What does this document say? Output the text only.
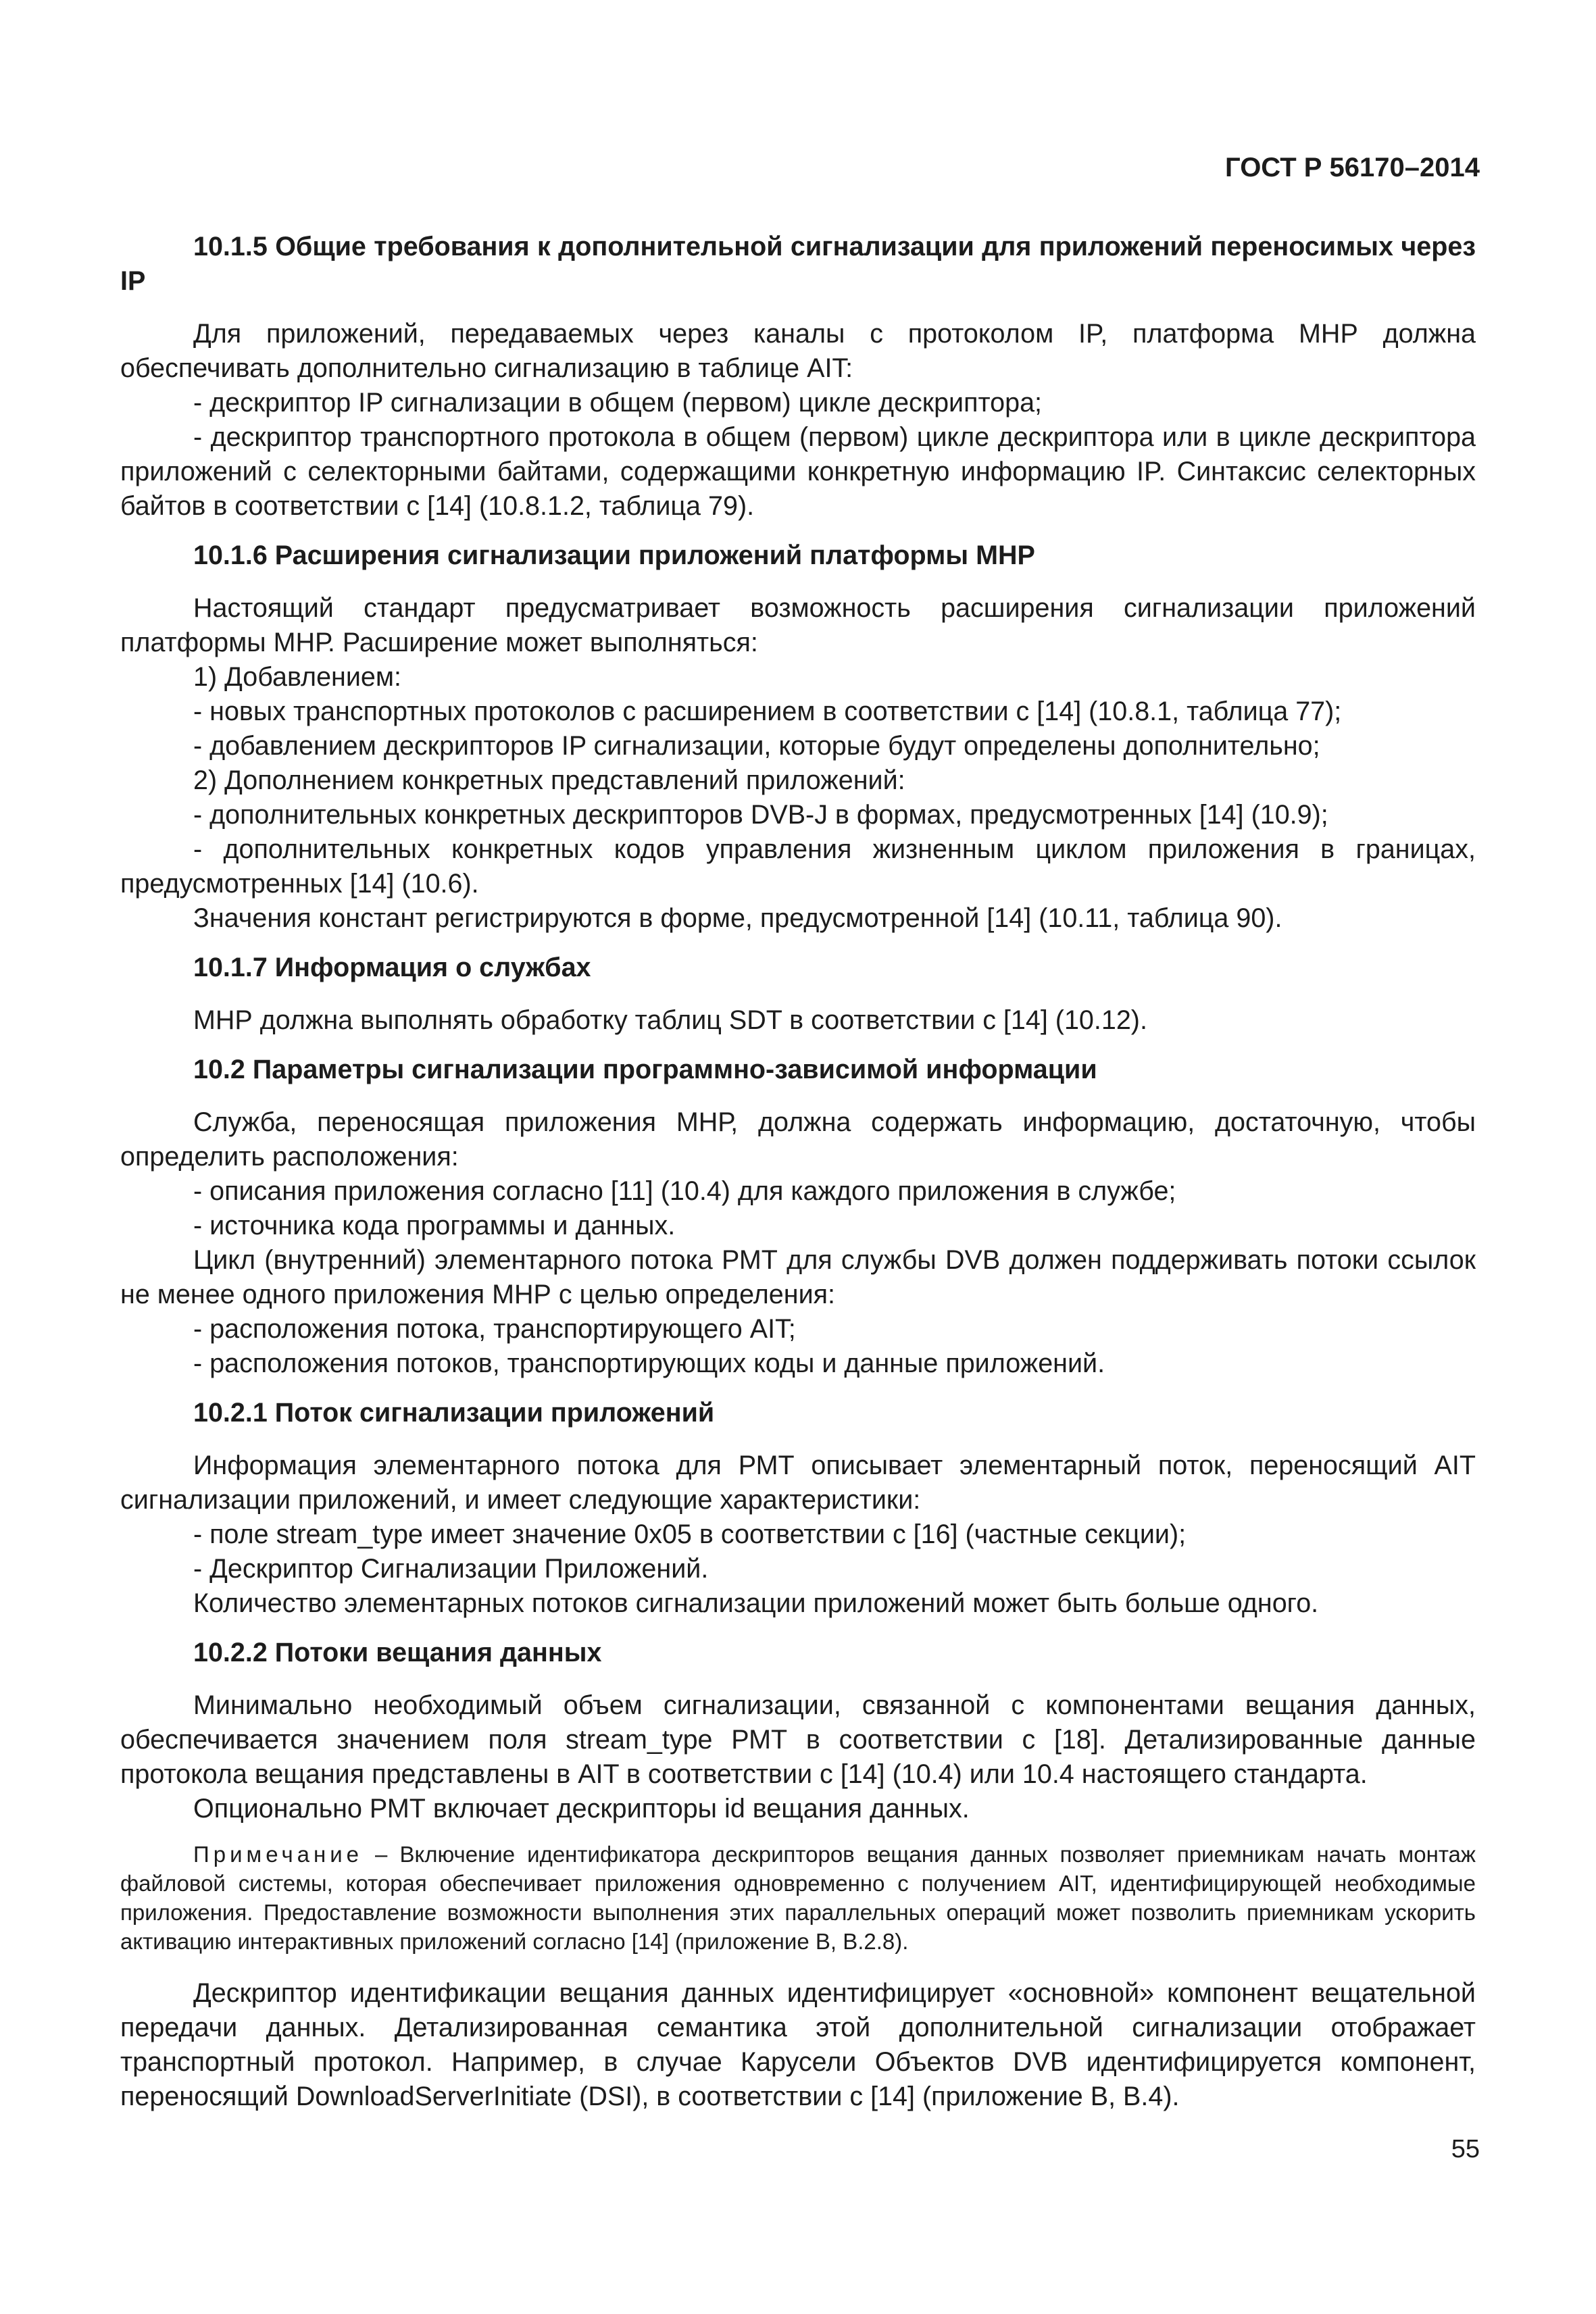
ГОСТ Р 56170–2014
10.1.5 Общие требования к дополнительной сигнализации для приложений переносимых через IP
Для приложений, передаваемых через каналы с протоколом IP, платформа МНР должна обеспечивать дополнительно сигнализацию в таблице AIT:
- дескриптор IP сигнализации в общем (первом) цикле дескриптора;
- дескриптор транспортного протокола в общем (первом) цикле дескриптора или в цикле дескриптора приложений с селекторными байтами, содержащими конкретную информацию IP. Синтаксис селекторных байтов в соответствии с [14] (10.8.1.2, таблица 79).
10.1.6 Расширения сигнализации приложений платформы МНР
Настоящий стандарт предусматривает возможность расширения сигнализации приложений платформы МНР. Расширение может выполняться:
1) Добавлением:
- новых транспортных протоколов с расширением в соответствии с [14] (10.8.1, таблица 77);
- добавлением дескрипторов IP сигнализации, которые будут определены дополнительно;
2) Дополнением конкретных представлений приложений:
- дополнительных конкретных дескрипторов DVB-J в формах, предусмотренных [14] (10.9);
- дополнительных конкретных кодов управления жизненным циклом приложения в границах, предусмотренных [14] (10.6).
Значения констант регистрируются в форме, предусмотренной [14] (10.11, таблица 90).
10.1.7 Информация о службах
МНР должна выполнять обработку таблиц SDT в соответствии с [14] (10.12).
10.2 Параметры сигнализации программно-зависимой информации
Служба, переносящая приложения МНР, должна содержать информацию, достаточную, чтобы определить расположения:
- описания приложения согласно [11] (10.4) для каждого приложения в службе;
- источника кода программы и данных.
Цикл (внутренний) элементарного потока РМТ для службы DVB должен поддерживать потоки ссылок не менее одного приложения МНР с целью определения:
- расположения потока, транспортирующего AIT;
- расположения потоков, транспортирующих коды и данные приложений.
10.2.1 Поток сигнализации приложений
Информация элементарного потока для РМТ описывает элементарный поток, переносящий AIT сигнализации приложений, и имеет следующие характеристики:
- поле stream_type имеет значение 0x05 в соответствии с [16] (частные секции);
- Дескриптор Сигнализации Приложений.
Количество элементарных потоков сигнализации приложений может быть больше одного.
10.2.2 Потоки вещания данных
Минимально необходимый объем сигнализации, связанной с компонентами вещания данных, обеспечивается значением поля stream_type РМТ в соответствии с [18]. Детализированные данные протокола вещания представлены в AIT в соответствии с [14] (10.4) или 10.4 настоящего стандарта.
Опционально РМТ включает дескрипторы id вещания данных.
Примечание – Включение идентификатора дескрипторов вещания данных позволяет приемникам начать монтаж файловой системы, которая обеспечивает приложения одновременно с получением AIT, идентифицирующей необходимые приложения. Предоставление возможности выполнения этих параллельных операций может позволить приемникам ускорить активацию интерактивных приложений согласно [14] (приложение В, В.2.8).
Дескриптор идентификации вещания данных идентифицирует «основной» компонент вещательной передачи данных. Детализированная семантика этой дополнительной сигнализации отображает транспортный протокол. Например, в случае Карусели Объектов DVB идентифицируется компонент, переносящий DownloadServerInitiate (DSI), в соответствии с [14] (приложение В, В.4).
55
